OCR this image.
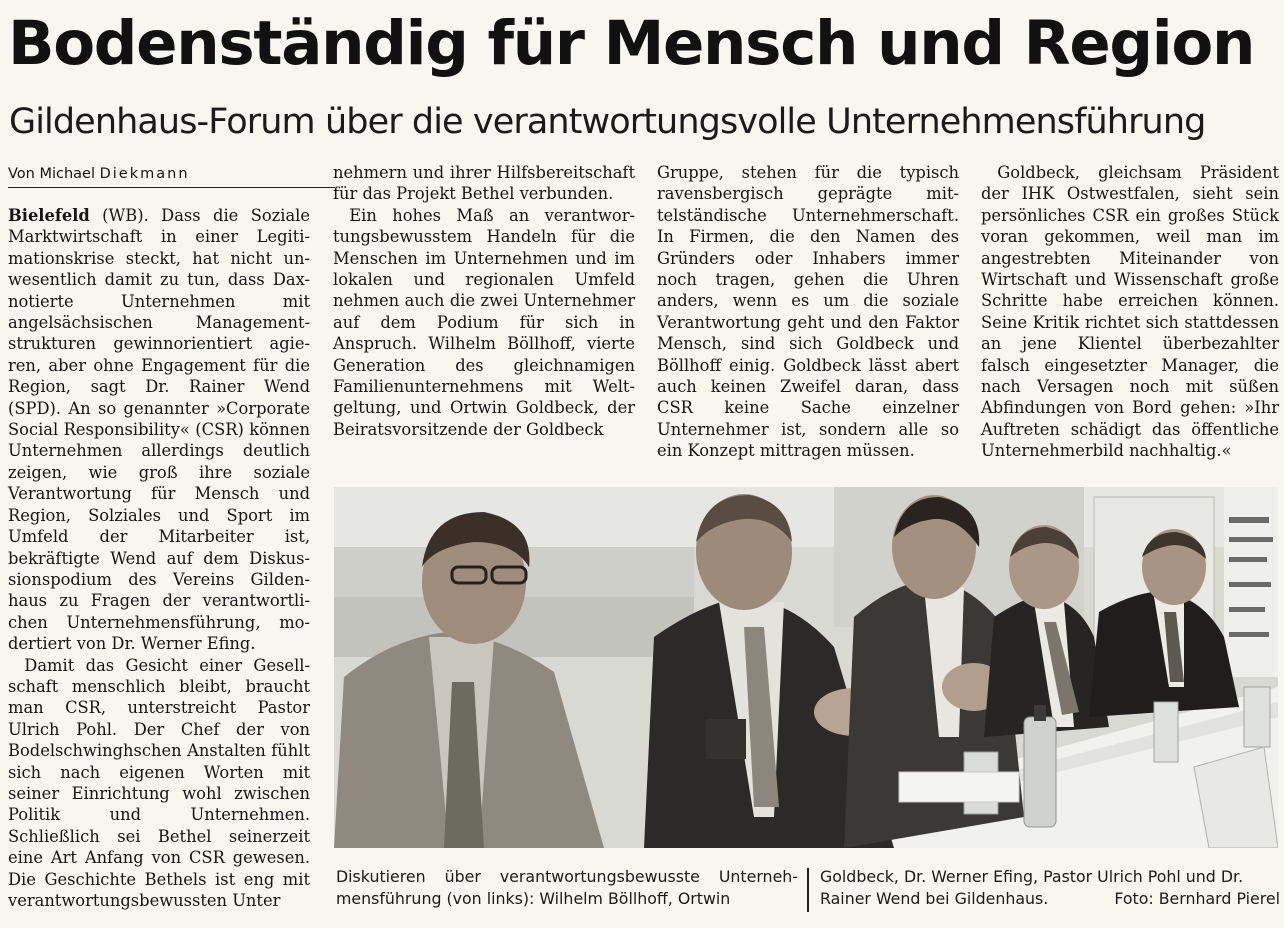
Bodenständig für Mensch und Region
Gildenhaus-Forum über die verantwortungsvolle Unternehmensführung
Von Michael Diekmann

Bielefeld (WB). Dass die Soziale Marktwirtschaft in einer Legitimationskrise steckt, hat nicht unwesentlich damit zu tun, dass Dax-notierte Unternehmen mit angelsächsischen Managementstrukturen gewinnorientiert agieren, aber ohne Engagement für die Region, sagt Dr. Rainer Wend (SPD). An so genannter »Corporate Social Responsibility« (CSR) können Unternehmen allerdings deutlich zeigen, wie groß ihre soziale Verantwortung für Mensch und Region, Solziales und Sport im Umfeld der Mitarbeiter ist, bekräftigte Wend auf dem Diskussionspodium des Vereins Gildenhaus zu Fragen der verantwortlichen Unternehmensführung, modertiert von Dr. Werner Efing.

Damit das Gesicht einer Gesellschaft menschlich bleibt, braucht man CSR, unterstreicht Pastor Ulrich Pohl. Der Chef der von Bodelschwinghschen Anstalten fühlt sich nach eigenen Worten mit seiner Einrichtung wohl zwischen Politik und Unternehmen. Schließlich sei Bethel seinerzeit eine Art Anfang von CSR gewesen. Die Geschichte Bethels ist eng mit verantwortungsbewussten Unter

nehmern und ihrer Hilfsbereitschaft für das Projekt Bethel verbunden.

Ein hohes Maß an verantwortungsbewusstem Handeln für die Menschen im Unternehmen und im lokalen und regionalen Umfeld nehmen auch die zwei Unternehmer auf dem Podium für sich in Anspruch. Wilhelm Böllhoff, vierte Generation des gleichnamigen Familienunternehmens mit Weltgeltung, und Ortwin Goldbeck, der Beiratsvorsitzende der Goldbeck

Gruppe, stehen für die typisch ravensbergisch geprägte mittelständische Unternehmerschaft. In Firmen, die den Namen des Gründers oder Inhabers immer noch tragen, gehen die Uhren anders, wenn es um die soziale Verantwortung geht und den Faktor Mensch, sind sich Goldbeck und Böllhoff einig. Goldbeck lässt abert auch keinen Zweifel daran, dass CSR keine Sache einzelner Unternehmer ist, sondern alle so ein Konzept mittragen müssen.

Goldbeck, gleichsam Präsident der IHK Ostwestfalen, sieht sein persönliches CSR ein großes Stück voran gekommen, weil man im angestrebten Miteinander von Wirtschaft und Wissenschaft große Schritte habe erreichen können. Seine Kritik richtet sich stattdessen an jene Klientel überbezahlter falsch eingesetzter Manager, die nach Versagen noch mit süßen Abfindungen von Bord gehen: »Ihr Auftreten schädigt das öffentliche Unternehmerbild nachhaltig.«

Diskutieren über verantwortungsbewusste Unternehmensführung (von links): Wilhelm Böllhoff, Ortwin
Goldbeck, Dr. Werner Efing, Pastor Ulrich Pohl und Dr. Rainer Wend bei Gildenhaus.	Foto: Bernhard Pierel
